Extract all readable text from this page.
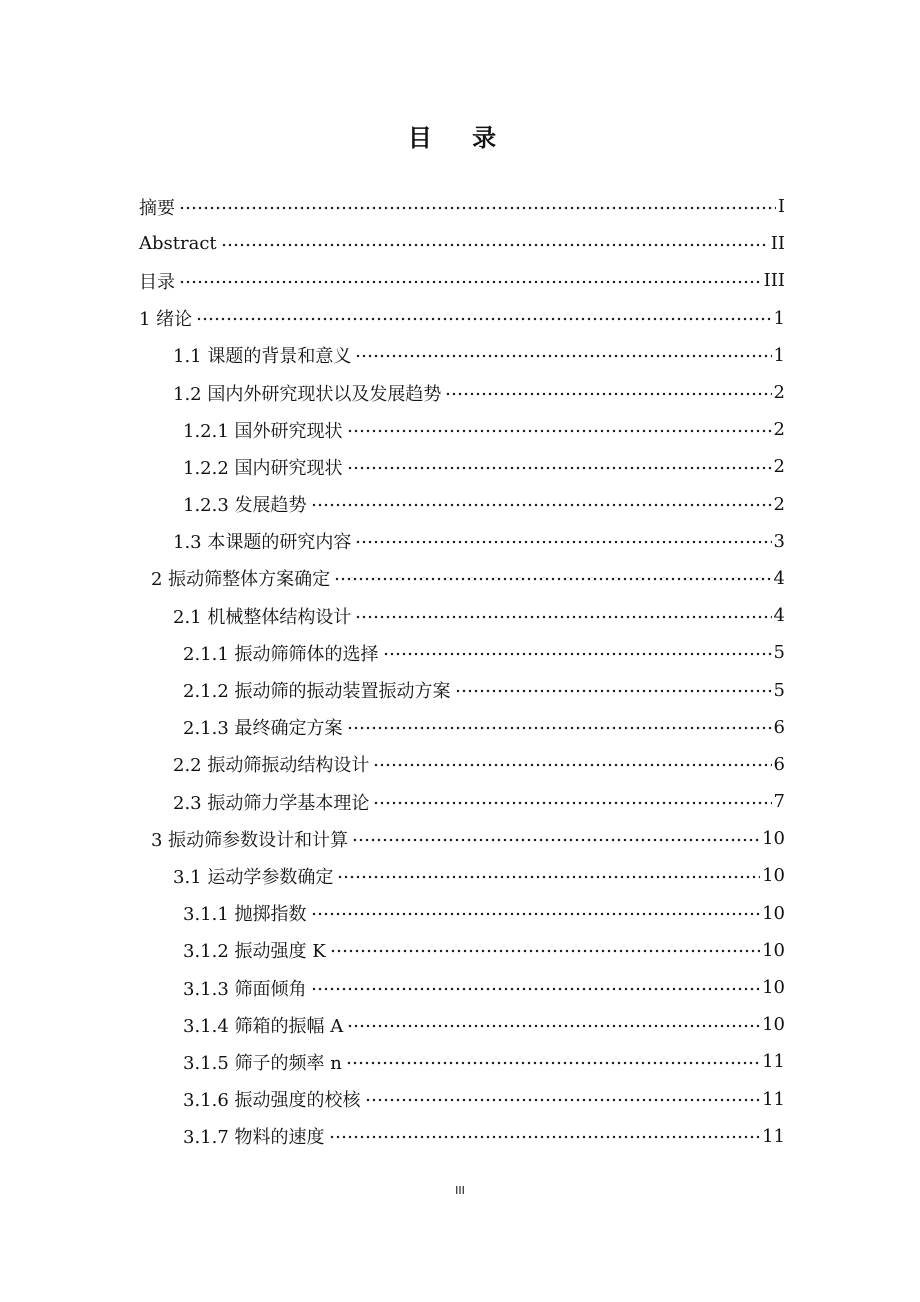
目 录
摘要	I
Abstract	II
目录	III
1 绪论	1
1.1 课题的背景和意义	1
1.2 国内外研究现状以及发展趋势	2
1.2.1 国外研究现状	2
1.2.2 国内研究现状	2
1.2.3 发展趋势	2
1.3 本课题的研究内容	3
2 振动筛整体方案确定	4
2.1 机械整体结构设计	4
2.1.1 振动筛筛体的选择	5
2.1.2 振动筛的振动装置振动方案	5
2.1.3 最终确定方案	6
2.2 振动筛振动结构设计	6
2.3 振动筛力学基本理论	7
3 振动筛参数设计和计算	10
3.1 运动学参数确定	10
3.1.1 抛掷指数	10
3.1.2 振动强度 K	10
3.1.3 筛面倾角	10
3.1.4 筛箱的振幅 A	10
3.1.5 筛子的频率 n	11
3.1.6 振动强度的校核	11
3.1.7 物料的速度	11
III
